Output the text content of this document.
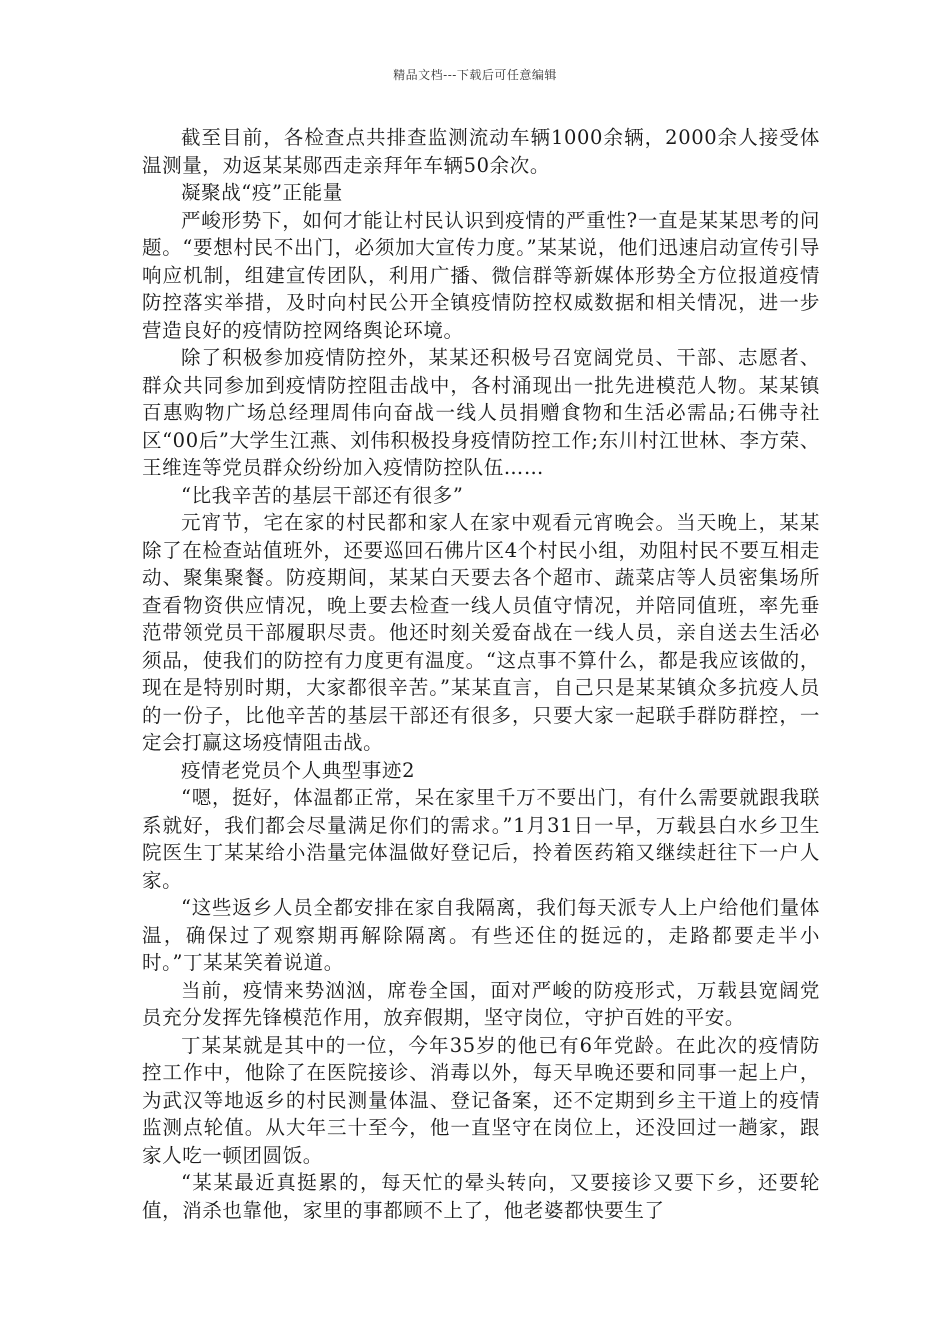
精品文档---下载后可任意编辑

截至目前，各检查点共排查监测流动车辆1000余辆，2000余人接受体温测量，劝返某某郧西走亲拜年车辆50余次。

凝聚战“疫”正能量

严峻形势下，如何才能让村民认识到疫情的严重性?一直是某某思考的问题。“要想村民不出门，必须加大宣传力度。”某某说，他们迅速启动宣传引导响应机制，组建宣传团队，利用广播、微信群等新媒体形势全方位报道疫情防控落实举措，及时向村民公开全镇疫情防控权威数据和相关情况，进一步营造良好的疫情防控网络舆论环境。

除了积极参加疫情防控外，某某还积极号召宽阔党员、干部、志愿者、群众共同参加到疫情防控阻击战中，各村涌现出一批先进模范人物。某某镇百惠购物广场总经理周伟向奋战一线人员捐赠食物和生活必需品;石佛寺社区“00后”大学生江燕、刘伟积极投身疫情防控工作;东川村江世林、李方荣、王维连等党员群众纷纷加入疫情防控队伍……

“比我辛苦的基层干部还有很多”

元宵节，宅在家的村民都和家人在家中观看元宵晚会。当天晚上，某某除了在检查站值班外，还要巡回石佛片区4个村民小组，劝阻村民不要互相走动、聚集聚餐。防疫期间，某某白天要去各个超市、蔬菜店等人员密集场所查看物资供应情况，晚上要去检查一线人员值守情况，并陪同值班，率先垂范带领党员干部履职尽责。他还时刻关爱奋战在一线人员，亲自送去生活必须品，使我们的防控有力度更有温度。“这点事不算什么，都是我应该做的，现在是特别时期，大家都很辛苦。”某某直言，自己只是某某镇众多抗疫人员的一份子，比他辛苦的基层干部还有很多，只要大家一起联手群防群控，一定会打赢这场疫情阻击战。

疫情老党员个人典型事迹2

“嗯，挺好，体温都正常，呆在家里千万不要出门，有什么需要就跟我联系就好，我们都会尽量满足你们的需求。”1月31日一早，万载县白水乡卫生院医生丁某某给小浩量完体温做好登记后，拎着医药箱又继续赶往下一户人家。

“这些返乡人员全都安排在家自我隔离，我们每天派专人上户给他们量体温，确保过了观察期再解除隔离。有些还住的挺远的，走路都要走半小时。”丁某某笑着说道。

当前，疫情来势汹汹，席卷全国，面对严峻的防疫形式，万载县宽阔党员充分发挥先锋模范作用，放弃假期，坚守岗位，守护百姓的平安。

丁某某就是其中的一位，今年35岁的他已有6年党龄。在此次的疫情防控工作中，他除了在医院接诊、消毒以外，每天早晚还要和同事一起上户，为武汉等地返乡的村民测量体温、登记备案，还不定期到乡主干道上的疫情监测点轮值。从大年三十至今，他一直坚守在岗位上，还没回过一趟家，跟家人吃一顿团圆饭。

“某某最近真挺累的，每天忙的晕头转向，又要接诊又要下乡，还要轮值，消杀也靠他，家里的事都顾不上了，他老婆都快要生了
